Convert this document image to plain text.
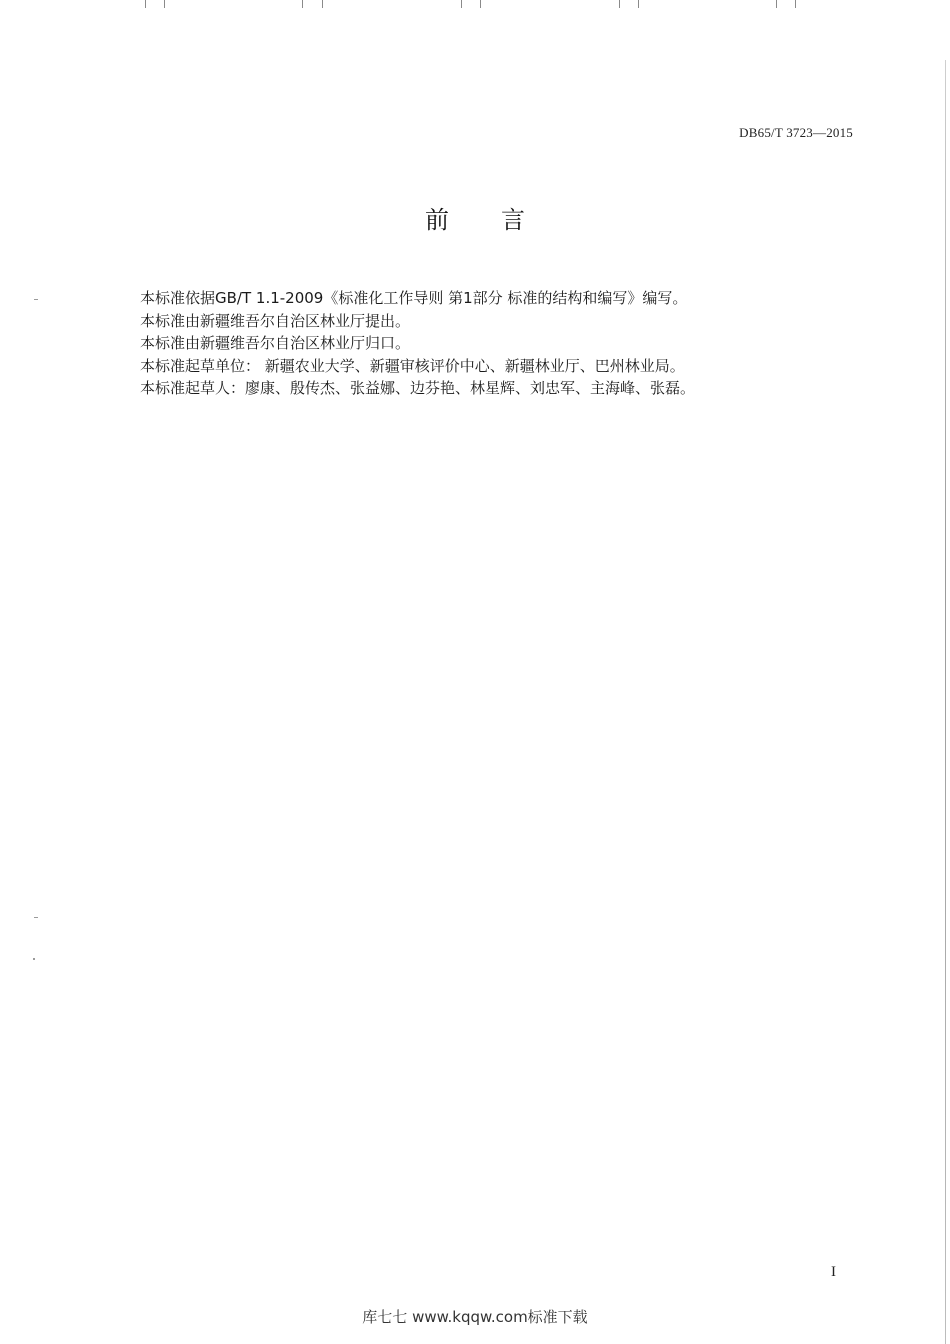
DB65/T 3723—2015
前 言
本标准依据GB/T 1.1-2009《标准化工作导则 第1部分 标准的结构和编写》编写。
本标准由新疆维吾尔自治区林业厅提出。
本标准由新疆维吾尔自治区林业厅归口。
本标准起草单位： 新疆农业大学、新疆审核评价中心、新疆林业厅、巴州林业局。
本标准起草人：廖康、殷传杰、张益娜、边芬艳、林星辉、刘忠军、主海峰、张磊。
I
库七七 www.kqqw.com标准下载
